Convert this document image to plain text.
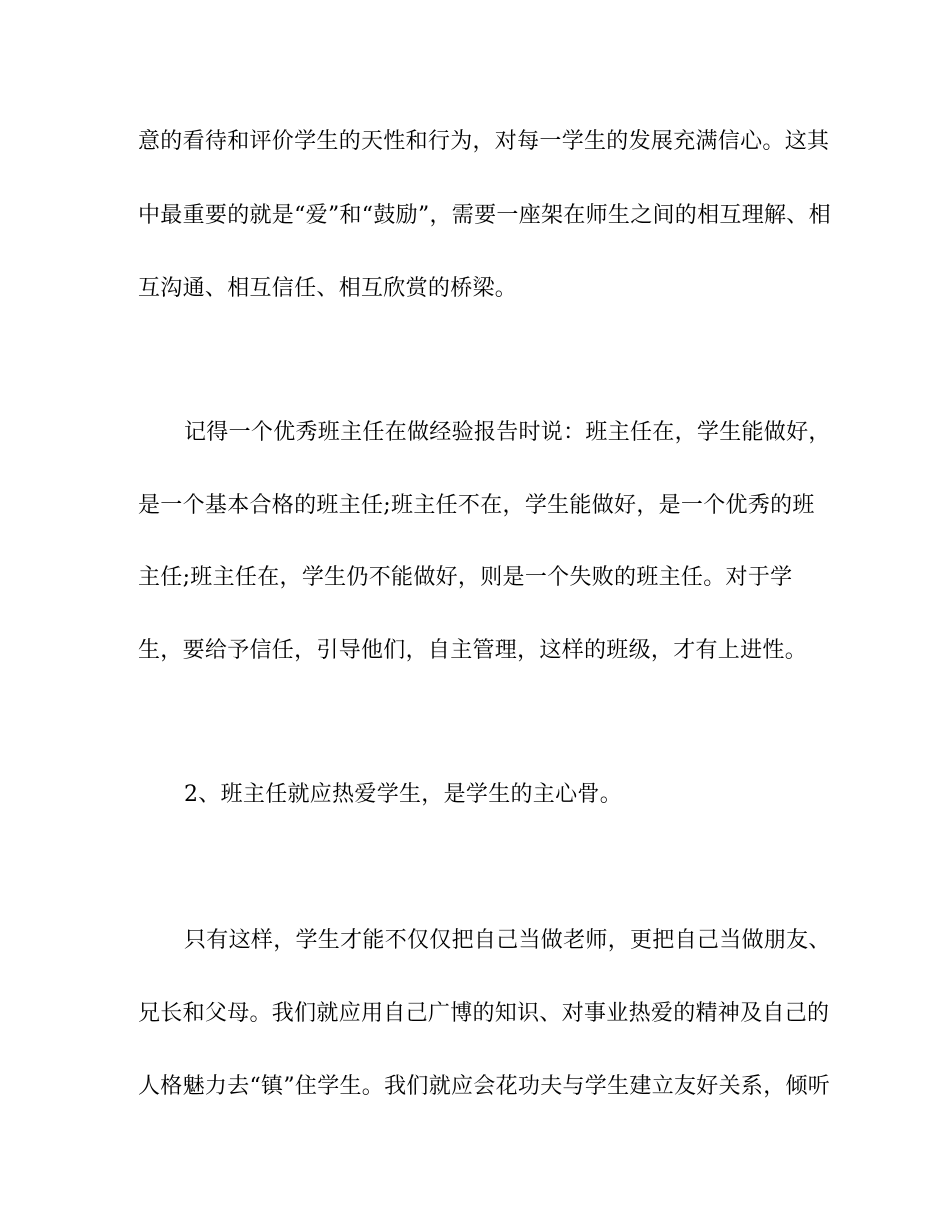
意的看待和评价学生的天性和行为，对每一学生的发展充满信心。这其
中最重要的就是“爱”和“鼓励”，需要一座架在师生之间的相互理解、相
互沟通、相互信任、相互欣赏的桥梁。
记得一个优秀班主任在做经验报告时说：班主任在，学生能做好，
是一个基本合格的班主任;班主任不在，学生能做好，是一个优秀的班
主任;班主任在，学生仍不能做好，则是一个失败的班主任。对于学
生，要给予信任，引导他们，自主管理，这样的班级，才有上进性。
2、班主任就应热爱学生，是学生的主心骨。
只有这样，学生才能不仅仅把自己当做老师，更把自己当做朋友、
兄长和父母。我们就应用自己广博的知识、对事业热爱的精神及自己的
人格魅力去“镇”住学生。我们就应会花功夫与学生建立友好关系，倾听
